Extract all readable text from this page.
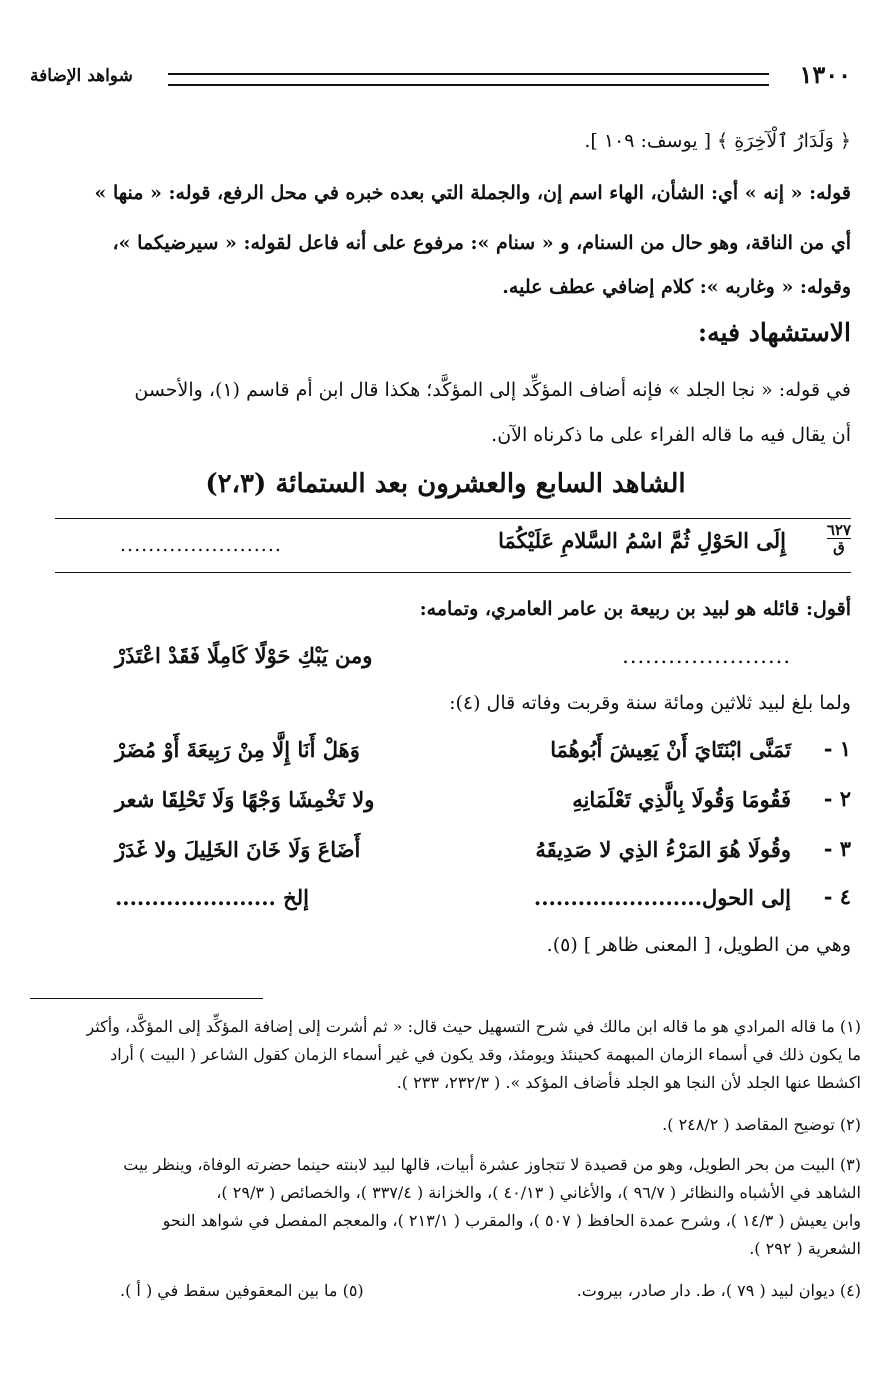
١٣٠٠
شواهد الإضافة
﴿ وَلَدَارُ ٱلْآخِرَةِ ﴾ [ يوسف: ١٠٩ ].
قوله: « إنه » أي: الشأن، الهاء اسم إن، والجملة التي بعده خبره في محل الرفع، قوله: « منها »
أي من الناقة، وهو حال من السنام، و « سنام »: مرفوع على أنه فاعل لقوله: « سيرضيكما »،
وقوله: « وغاربه »: كلام إضافي عطف عليه.
الاستشهاد فيه:
في قوله: « نجا الجلد » فإنه أضاف المؤكِّد إلى المؤكَّد؛ هكذا قال ابن أم قاسم (١)، والأحسن
أن يقال فيه ما قاله الفراء على ما ذكرناه الآن.
الشاهد السابع والعشرون بعد الستمائة (٢،٣)
٦٢٧
ق
إِلَى الحَوْلِ ثُمَّ اسْمُ السَّلامِ عَلَيْكُمَا
.......................
أقول: قائله هو لبيد بن ربيعة بن عامر العامري، وتمامه:
......................
ومن يَبْكِ حَوْلًا كَامِلًا فَقَدْ اعْتَذَرْ
ولما بلغ لبيد ثلاثين ومائة سنة وقربت وفاته قال (٤):
١ -
تَمَنَّى ابْنَتَايَ أَنْ يَعِيشَ أَبُوهُمَا
وَهَلْ أَنَا إِلَّا مِنْ رَبِيعَةَ أَوْ مُضَرْ
٢ -
فَقُومَا وَقُولَا بِالَّذِي تَعْلَمَانِهِ
ولا تَخْمِشَا وَجْهًا وَلَا تَحْلِقَا شعر
٣ -
وقُولَا هُوَ المَرْءُ الذِي لا صَدِيقَهُ
أَضَاعَ وَلَا خَانَ الخَلِيلَ ولا غَدَرْ
٤ -
إلى الحول.......................
إلخ ......................
وهي من الطويل، [ المعنى ظاهر ] (٥).
(١) ما قاله المرادي هو ما قاله ابن مالك في شرح التسهيل حيث قال: « ثم أشرت إلى إضافة المؤكِّد إلى المؤكَّد، وأكثر
ما يكون ذلك في أسماء الزمان المبهمة كحينئذ ويومئذ، وقد يكون في غير أسماء الزمان كقول الشاعر ( البيت ) أراد
اكشطا عنها الجلد لأن النجا هو الجلد فأضاف المؤكد ». ( ٢٣٢/٣، ٢٣٣ ).
(٢) توضيح المقاصد ( ٢٤٨/٢ ).
(٣) البيت من بحر الطويل، وهو من قصيدة لا تتجاوز عشرة أبيات، قالها لبيد لابنته حينما حضرته الوفاة، وينظر بيت
الشاهد في الأشباه والنظائر ( ٩٦/٧ )، والأغاني ( ٤٠/١٣ )، والخزانة ( ٣٣٧/٤ )، والخصائص ( ٢٩/٣ )،
وابن يعيش ( ١٤/٣ )، وشرح عمدة الحافظ ( ٥٠٧ )، والمقرب ( ٢١٣/١ )، والمعجم المفصل في شواهد النحو
الشعرية ( ٢٩٢ ).
(٤) ديوان لبيد ( ٧٩ )، ط. دار صادر، بيروت.
(٥) ما بين المعقوفين سقط في ( أ ).
